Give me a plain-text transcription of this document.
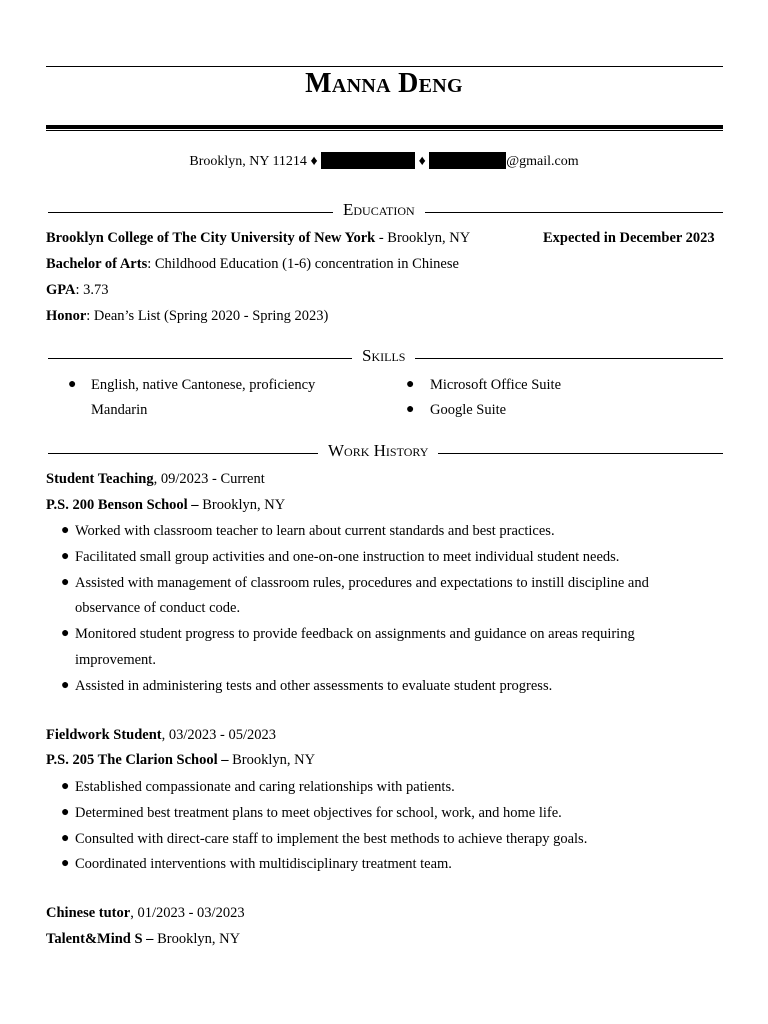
Manna Deng
Brooklyn, NY 11214 ♦	♦	@gmail.com
Education
Brooklyn College of The City University of New York - Brooklyn, NY	Expected in December 2023
Bachelor of Arts: Childhood Education (1-6) concentration in Chinese
GPA: 3.73
Honor: Dean’s List (Spring 2020 - Spring 2023)
Skills
● English, native Cantonese, proficiency
Mandarin
● Microsoft Office Suite
● Google Suite
Work History
Student Teaching, 09/2023 - Current
P.S. 200 Benson School – Brooklyn, NY
● Worked with classroom teacher to learn about current standards and best practices.
● Facilitated small group activities and one-on-one instruction to meet individual student needs.
● Assisted with management of classroom rules, procedures and expectations to instill discipline and
observance of conduct code.
● Monitored student progress to provide feedback on assignments and guidance on areas requiring
improvement.
● Assisted in administering tests and other assessments to evaluate student progress.
Fieldwork Student, 03/2023 - 05/2023
P.S. 205 The Clarion School – Brooklyn, NY
● Established compassionate and caring relationships with patients.
● Determined best treatment plans to meet objectives for school, work, and home life.
● Consulted with direct-care staff to implement the best methods to achieve therapy goals.
● Coordinated interventions with multidisciplinary treatment team.
Chinese tutor, 01/2023 - 03/2023
Talent&Mind S – Brooklyn, NY
